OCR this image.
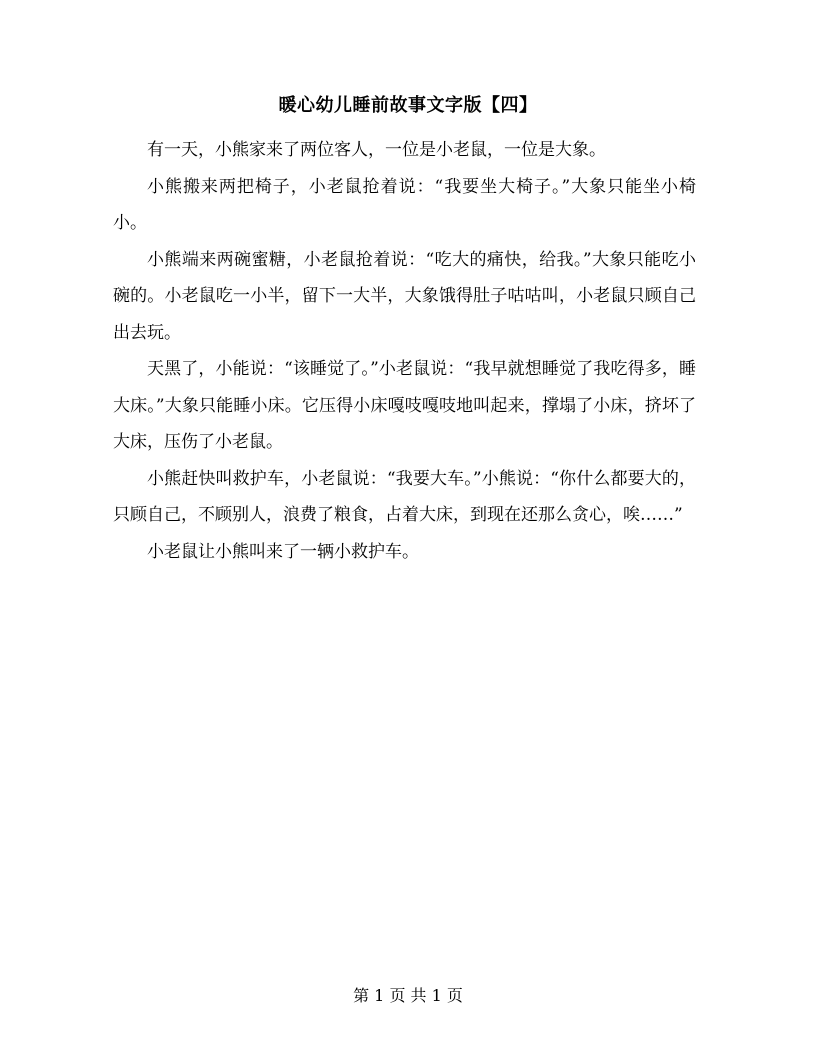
暖心幼儿睡前故事文字版【四】

有一天，小熊家来了两位客人，一位是小老鼠，一位是大象。

小熊搬来两把椅子，小老鼠抢着说：“我要坐大椅子。”大象只能坐小椅小。

小熊端来两碗蜜糖，小老鼠抢着说：“吃大的痛快，给我。”大象只能吃小碗的。小老鼠吃一小半，留下一大半，大象饿得肚子咕咕叫，小老鼠只顾自己出去玩。

天黑了，小能说：“该睡觉了。”小老鼠说：“我早就想睡觉了我吃得多，睡大床。”大象只能睡小床。它压得小床嘎吱嘎吱地叫起来，撑塌了小床，挤坏了大床，压伤了小老鼠。

小熊赶快叫救护车，小老鼠说：“我要大车。”小熊说：“你什么都要大的，只顾自己，不顾别人，浪费了粮食，占着大床，到现在还那么贪心，唉……”

小老鼠让小熊叫来了一辆小救护车。

第 1 页 共 1 页
